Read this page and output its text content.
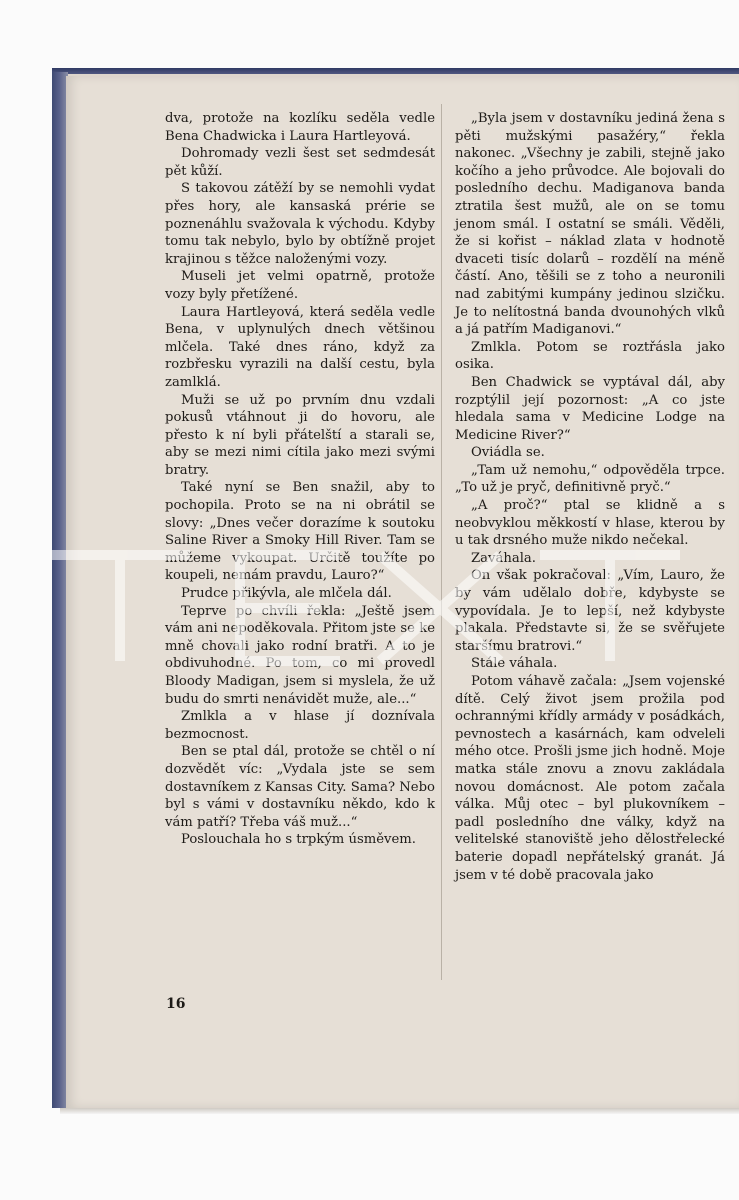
dva, protože na kozlíku seděla vedle Bena Chadwicka i Laura Hartleyová.

Dohromady vezli šest set sedmdesát pět kůží.

S takovou zátěží by se nemohli vydat přes hory, ale kansaská prérie se poznenáhlu svažovala k východu. Kdyby tomu tak nebylo, bylo by obtížně projet krajinou s těžce naloženými vozy.

Museli jet velmi opatrně, protože vozy byly přetížené.

Laura Hartleyová, která seděla vedle Bena, v uplynulých dnech většinou mlčela. Také dnes ráno, když za rozbřesku vyrazili na další cestu, byla zamlklá.

Muži se už po prvním dnu vzdali pokusů vtáhnout ji do hovoru, ale přesto k ní byli přátelští a starali se, aby se mezi nimi cítila jako mezi svými bratry.

Také nyní se Ben snažil, aby to pochopila. Proto se na ni obrátil se slovy: „Dnes večer dorazíme k soutoku Saline River a Smoky Hill River. Tam se můžeme vykoupat. Určitě toužíte po koupeli, nemám pravdu, Lauro?“

Prudce přikývla, ale mlčela dál.

Teprve po chvíli řekla: „Ještě jsem vám ani nepoděkovala. Přitom jste se ke mně chovali jako rodní bratři. A to je obdivuhodné. Po tom, co mi provedl Bloody Madigan, jsem si myslela, že už budu do smrti nenávidět muže, ale...“

Zmlkla a v hlase jí doznívala bezmocnost.

Ben se ptal dál, protože se chtěl o ní dozvědět víc: „Vydala jste se sem dostavníkem z Kansas City. Sama? Nebo byl s vámi v dostavníku někdo, kdo k vám patří? Třeba váš muž...“

Poslouchala ho s trpkým úsměvem.

„Byla jsem v dostavníku jediná žena s pěti mužskými pasažéry,“ řekla nakonec. „Všechny je zabili, stejně jako kočího a jeho průvodce. Ale bojovali do posledního dechu. Madiganova banda ztratila šest mužů, ale on se tomu jenom smál. I ostatní se smáli. Věděli, že si kořist – náklad zlata v hodnotě dvaceti tisíc dolarů – rozdělí na méně částí. Ano, těšili se z toho a neuronili nad zabitými kumpány jedinou slzičku. Je to nelítostná banda dvounohých vlků a já patřím Madiganovi.“

Zmlkla. Potom se roztřásla jako osika.

Ben Chadwick se vyptával dál, aby rozptýlil její pozornost: „A co jste hledala sama v Medicine Lodge na Medicine River?“

Oviádla se.

„Tam už nemohu,“ odpověděla trpce. „To už je pryč, definitivně pryč.“

„A proč?“ ptal se klidně a s neobvyklou měkkostí v hlase, kterou by u tak drsného muže nikdo nečekal.

Zaváhala.

On však pokračoval: „Vím, Lauro, že by vám udělalo dobře, kdybyste se vypovídala. Je to lepší, než kdybyste plakala. Představte si, že se svěřujete staršímu bratrovi.“

Stále váhala.

Potom váhavě začala: „Jsem vojenské dítě. Celý život jsem prožila pod ochrannými křídly armády v posádkách, pevnostech a kasárnách, kam odveleli mého otce. Prošli jsme jich hodně. Moje matka stále znovu a znovu zakládala novou domácnost. Ale potom začala válka. Můj otec – byl plukovníkem – padl posledního dne války, když na velitelské stanoviště jeho dělostřelecké baterie dopadl nepřátelský granát. Já jsem v té době pracovala jako

16
